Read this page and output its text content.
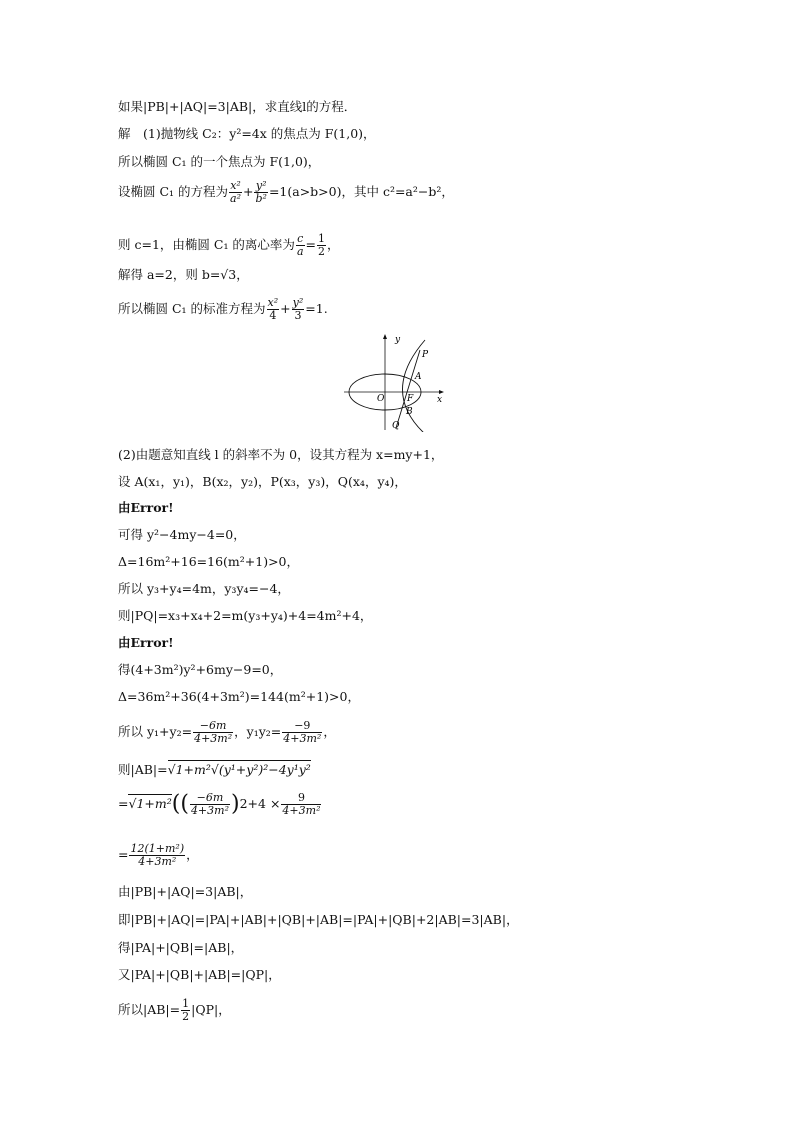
如果|PB|+|AQ|=3|AB|，求直线l的方程．
解　(1)抛物线 C₂：y²=4x 的焦点为 F(1,0)，
所以椭圆 C₁ 的一个焦点为 F(1,0)，
设椭圆 C₁ 的方程为 $\frac{\text{x²}}{\text{a²}} + \frac{\text{y²}}{\text{b²}} =1(a>b>0)$，其中 c²=a²−b²，
则 c=1，由椭圆 C₁ 的离心率为 $\frac{c}{a} = \frac{1}{2}$ ，
解得 a=2，则 b=√3，
所以椭圆 C₁ 的标准方程为 $\frac{\text{x²}}{4} + \frac{\text{y²}}{3} =1$.
y
x
O	F
P
A
B
Q
(2)由题意知直线 l 的斜率不为 0，设其方程为 x=my+1，
设 A(x₁，y₁)，B(x₂，y₂)，P(x₃，y₃)，Q(x₄，y₄)，
由Error!
可得 y²−4my−4=0，
Δ=16m²+16=16(m²+1)>0，
所以 y₃+y₄=4m，y₃y₄=−4，
则|PQ|=x₃+x₄+2=m(y₃+y₄)+4=4m²+4，
由Error!
得(4+3m²)y²+6my−9=0，
Δ=36m²+36(4+3m²)=144(m²+1)>0，
所以 $y_1+y_2= \frac{-6m}{\text{4+3m²}}$ ，$y_1y_2= \frac{-9}{\text{4+3m²}}$ ，
则|AB|=√1+m²√(y¹+y²)²−4y¹y²
$=√1+m^2(( \frac{-6m}{\text{4+3m²}} )2+4 \times \frac{9}{\text{4+3m²}}$
= $\frac{\text{12(1+m²)}}{\text{4+3m²}}$ ，
由|PB|+|AQ|=3|AB|，
即|PB|+|AQ|=|PA|+|AB|+|QB|+|AB|=|PA|+|QB|+2|AB|=3|AB|，
得|PA|+|QB|=|AB|，
又|PA|+|QB|+|AB|=|QP|，
所以$|AB|= \frac{1}{2} |QP|$，
